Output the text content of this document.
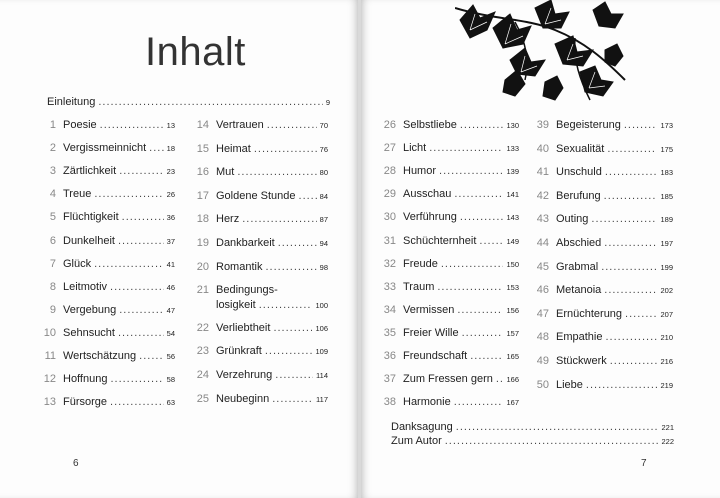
Inhalt
Einleitung .....	9
1 Poesie .....	13
2 Vergissmeinnicht .....	18
3 Zärtlichkeit .....	23
4 Treue .....	26
5 Flüchtigkeit .....	36
6 Dunkelheit .....	37
7 Glück .....	41
8 Leitmotiv .....	46
9 Vergebung .....	47
10 Sehnsucht .....	54
11 Wertschätzung .....	56
12 Hoffnung .....	58
13 Fürsorge .....	63
14 Vertrauen .....	70
15 Heimat .....	76
16 Mut .....	80
17 Goldene Stunde .....	84
18 Herz .....	87
19 Dankbarkeit .....	94
20 Romantik .....	98
21 Bedingungs-
losigkeit .....	100
22 Verliebtheit .....	106
23 Grünkraft .....	109
24 Verzehrung .....	114
25 Neubeginn .....	117
6
26 Selbstliebe .....	130
27 Licht .....	133
28 Humor .....	139
29 Ausschau .....	141
30 Verführung .....	143
31 Schüchternheit .....	149
32 Freude .....	150
33 Traum .....	153
34 Vermissen .....	156
35 Freier Wille .....	157
36 Freundschaft .....	165
37 Zum Fressen gern ..... 166
38 Harmonie .....	167
39 Begeisterung .....	173
40 Sexualität .....	175
41 Unschuld .....	183
42 Berufung .....	185
43 Outing .....	189
44 Abschied .....	197
45 Grabmal .....	199
46 Metanoia .....	202
47 Ernüchterung .....	207
48 Empathie .....	210
49 Stückwerk .....	216
50 Liebe .....	219
Danksagung .....	221
Zum Autor .....	222
7
